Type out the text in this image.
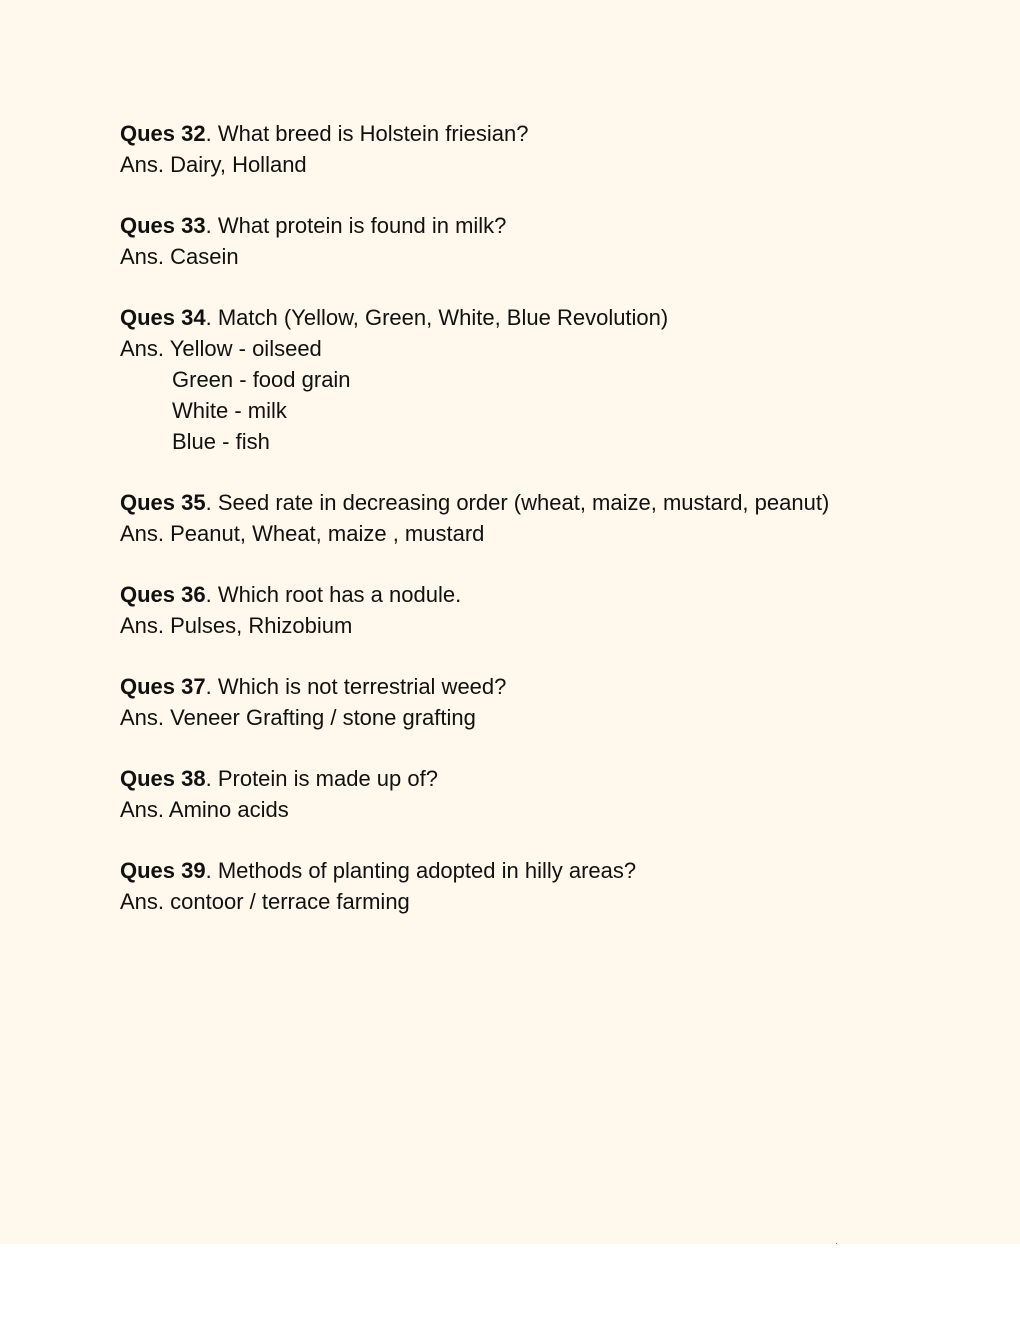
Ques 32. What breed is Holstein friesian?
Ans. Dairy, Holland
Ques 33. What protein is found in milk?
Ans. Casein
Ques 34. Match (Yellow, Green, White, Blue Revolution)
Ans. Yellow - oilseed
Green - food grain
White - milk
Blue - fish
Ques 35. Seed rate in decreasing order (wheat, maize, mustard, peanut)
Ans. Peanut, Wheat, maize , mustard
Ques 36. Which root has a nodule.
Ans. Pulses, Rhizobium
Ques 37. Which is not terrestrial weed?
Ans. Veneer Grafting / stone grafting
Ques 38. Protein is made up of?
Ans. Amino acids
Ques 39. Methods of planting adopted in hilly areas?
Ans. contoor / terrace farming
